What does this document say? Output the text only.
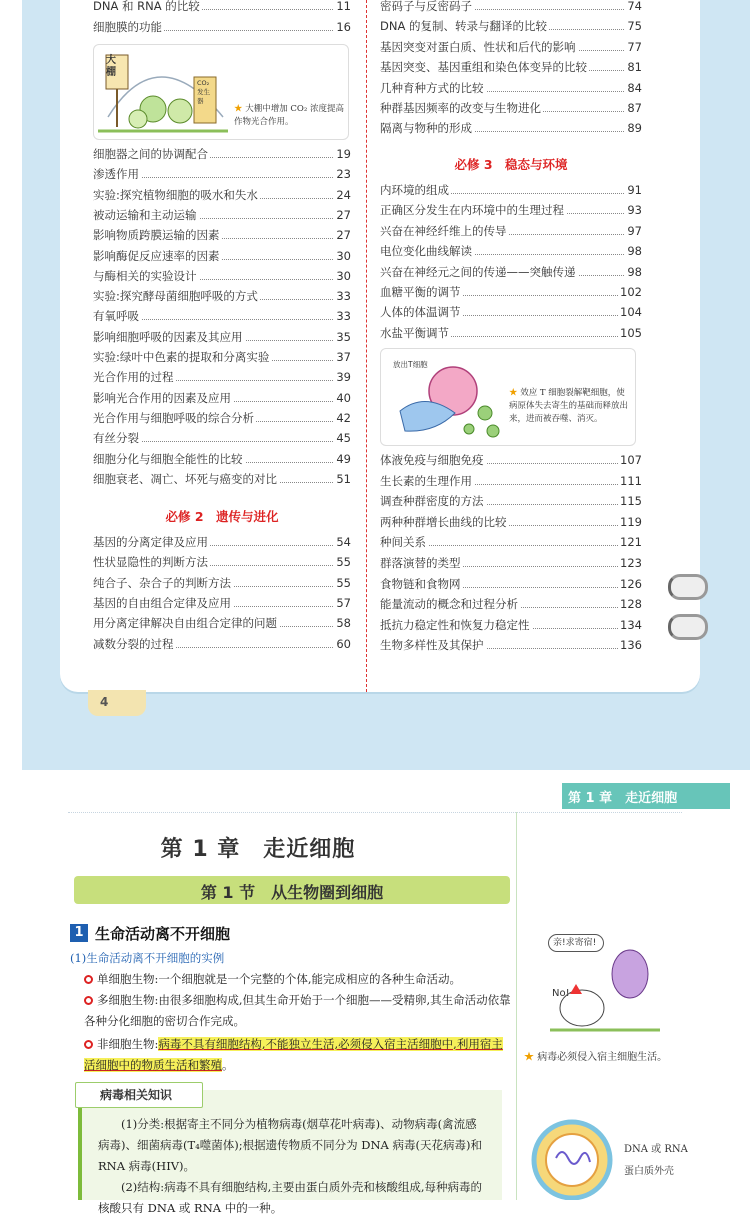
DNA 和 RNA 的比较	11
细胞膜的功能	16
细胞器之间的协调配合	19
渗透作用	23
实验:探究植物细胞的吸水和失水	24
被动运输和主动运输	27
影响物质跨膜运输的因素	27
影响酶促反应速率的因素	30
与酶相关的实验设计	30
实验:探究酵母菌细胞呼吸的方式	33
有氧呼吸	33
影响细胞呼吸的因素及其应用	35
实验:绿叶中色素的提取和分离实验	37
光合作用的过程	39
影响光合作用的因素及应用	40
光合作用与细胞呼吸的综合分析	42
有丝分裂	45
细胞分化与细胞全能性的比较	49
细胞衰老、凋亡、坏死与癌变的对比	51
必修 2　遗传与进化
基因的分离定律及应用	54
性状显隐性的判断方法	55
纯合子、杂合子的判断方法	55
基因的自由组合定律及应用	57
用分离定律解决自由组合定律的问题	58
减数分裂的过程	60
密码子与反密码子	74
DNA 的复制、转录与翻译的比较	75
基因突变对蛋白质、性状和后代的影响	77
基因突变、基因重组和染色体变异的比较	81
几种育种方式的比较	84
种群基因频率的改变与生物进化	87
隔离与物种的形成	89
必修 3　稳态与环境
内环境的组成	91
正确区分发生在内环境中的生理过程	93
兴奋在神经纤维上的传导	97
电位变化曲线解读	98
兴奋在神经元之间的传递——突触传递	98
血糖平衡的调节	102
人体的体温调节	104
水盐平衡调节	105
体液免疫与细胞免疫	107
生长素的生理作用	111
调查种群密度的方法	115
两种种群增长曲线的比较	119
种间关系	121
群落演替的类型	123
食物链和食物网	126
能量流动的概念和过程分析	128
抵抗力稳定性和恢复力稳定性	134
生物多样性及其保护	136
大棚
CO₂ 发生器
★ 大棚中增加 CO₂ 浓度提高作物光合作用。
放出T细胞
★ 效应 T 细胞裂解靶细胞，使病原体失去寄生的基础而释放出来，进而被吞噬、消灭。
4
第 1 章　走近细胞
第 1 章　走近细胞
第 1 节　从生物圈到细胞
1 生命活动离不开细胞
(1)生命活动离不开细胞的实例
单细胞生物:一个细胞就是一个完整的个体,能完成相应的各种生命活动。
多细胞生物:由很多细胞构成,但其生命开始于一个细胞——受精卵,其生命活动依靠各种分化细胞的密切合作完成。
非细胞生物:病毒不具有细胞结构,不能独立生活,必须侵入宿主活细胞中,利用宿主活细胞中的物质生活和繁殖。
病毒相关知识
(1)分类:根据寄主不同分为植物病毒(烟草花叶病毒)、动物病毒(禽流感病毒)、细菌病毒(T₄噬菌体);根据遗传物质不同分为 DNA 病毒(天花病毒)和 RNA 病毒(HIV)。
(2)结构:病毒不具有细胞结构,主要由蛋白质外壳和核酸组成,每种病毒的核酸只有 DNA 或 RNA 中的一种。
亲!求寄宿!
No!
★ 病毒必须侵入宿主细胞生活。
DNA 或 RNA
蛋白质外壳
